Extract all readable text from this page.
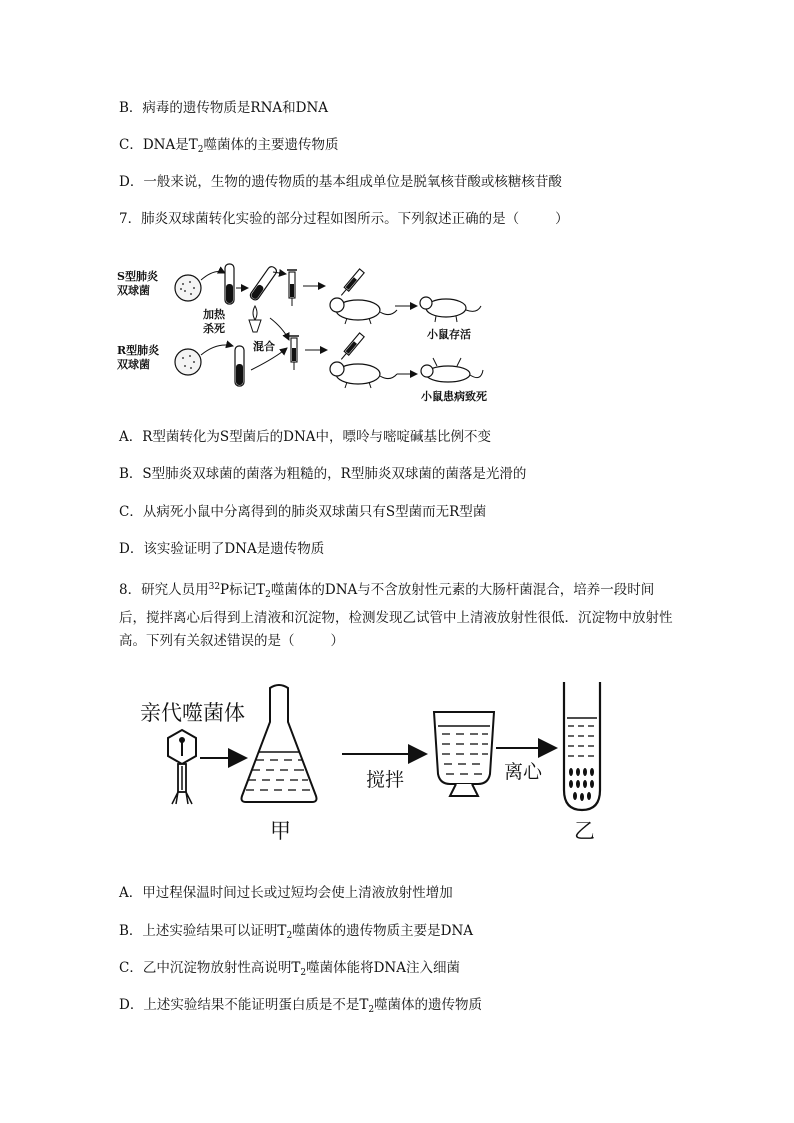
B．病毒的遗传物质是RNA和DNA
C．DNA是$T_2$噬菌体的主要遗传物质
D．一般来说，生物的遗传物质的基本组成单位是脱氧核苷酸或核糖核苷酸
7．肺炎双球菌转化实验的部分过程如图所示。下列叙述正确的是（	）
S型肺炎
双球菌
加热
杀死	小鼠存活
混合
R型肺炎
双球菌
小鼠患病致死
A．R型菌转化为S型菌后的DNA中，嘌呤与嘧啶碱基比例不变
B．S型肺炎双球菌的菌落为粗糙的，R型肺炎双球菌的菌落是光滑的
C．从病死小鼠中分离得到的肺炎双球菌只有S型菌而无R型菌
D．该实验证明了DNA是遗传物质
8．研究人员用$^{32}$P标记$T_2$噬菌体的DNA与不含放射性元素的大肠杆菌混合，培养一段时间后，搅拌离心后得到上清液和沉淀物，检测发现乙试管中上清液放射性很低．沉淀物中放射性高。下列有关叙述错误的是（	）
亲代噬菌体
甲
搅拌	离心
乙
A．甲过程保温时间过长或过短均会使上清液放射性增加
B．上述实验结果可以证明$T_2$噬菌体的遗传物质主要是DNA
C．乙中沉淀物放射性高说明$T_2$噬菌体能将DNA注入细菌
D．上述实验结果不能证明蛋白质是不是$T_2$噬菌体的遗传物质
